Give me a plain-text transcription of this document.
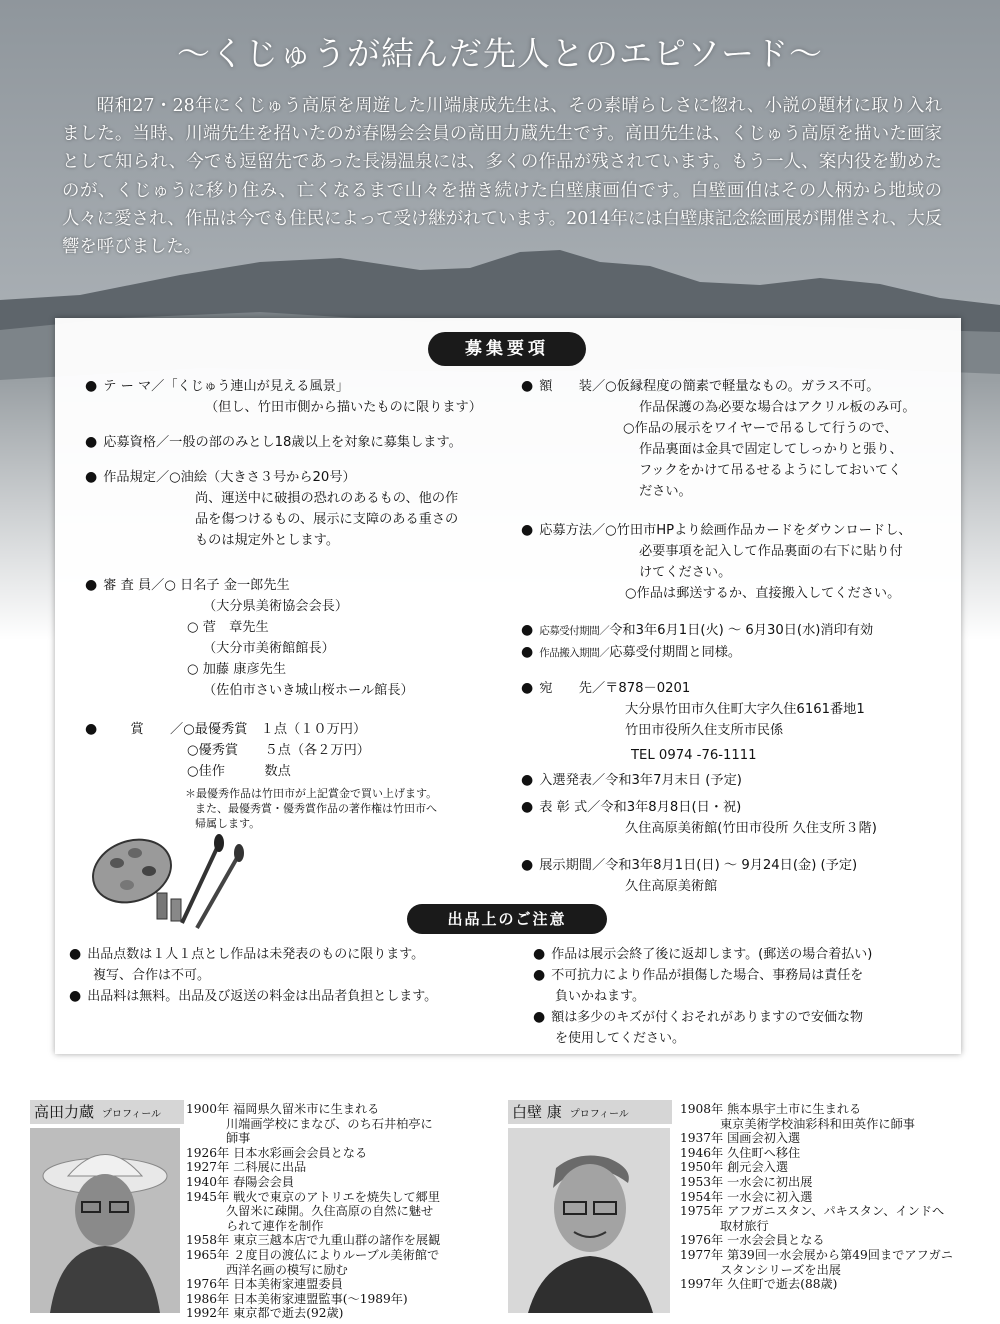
〜くじゅうが結んだ先人とのエピソード〜
昭和27・28年にくじゅう高原を周遊した川端康成先生は、その素晴らしさに惚れ、小説の題材に取り入れました。当時、川端先生を招いたのが春陽会会員の高田力蔵先生です。高田先生は、くじゅう高原を描いた画家として知られ、今でも逗留先であった長湯温泉には、多くの作品が残されています。もう一人、案内役を勤めたのが、くじゅうに移り住み、亡くなるまで山々を描き続けた白壁康画伯です。白壁画伯はその人柄から地域の人々に愛され、作品は今でも住民によって受け継がれています。2014年には白壁康記念絵画展が開催され、大反響を呼びました。
募集要項
● テ ー マ／「くじゅう連山が見える風景」
（但し、竹田市側から描いたものに限ります）
● 応募資格／一般の部のみとし18歳以上を対象に募集します。
● 作品規定／○油絵（大きさ３号から20号）
尚、運送中に破損の恐れのあるもの、他の作
品を傷つけるもの、展示に支障のある重さの
ものは規定外とします。
● 審 査 員／○ 日名子 金一郎先生
（大分県美術協会会長）
○ 菅　章先生
（大分市美術館館長）
○ 加藤 康彦先生
（佐伯市さいき城山桜ホール館長）
●	賞　　／○最優秀賞　１点（１０万円）
○優秀賞　　５点（各２万円）
○佳作　　　数点
＊最優秀作品は竹田市が上記賞金で買い上げます。
また、最優秀賞・優秀賞作品の著作権は竹田市へ
帰属します。
● 額　　装／○仮縁程度の簡素で軽量なもの。ガラス不可。
作品保護の為必要な場合はアクリル板のみ可。
○作品の展示をワイヤーで吊るして行うので、
作品裏面は金具で固定してしっかりと張り、
フックをかけて吊るせるようにしておいてく
ださい。
● 応募方法／○竹田市HPより絵画作品カードをダウンロードし、
必要事項を記入して作品裏面の右下に貼り付
けてください。
○作品は郵送するか、直接搬入してください。
● 応募受付期間／令和3年6月1日(火) 〜 6月30日(水)消印有効
● 作品搬入期間／応募受付期間と同様。
● 宛　　先／〒878－0201
大分県竹田市久住町大字久住6161番地1
竹田市役所久住支所市民係
TEL 0974 -76-1111
● 入選発表／令和3年7月末日 (予定)
● 表 彰 式／令和3年8月8日(日・祝)
久住高原美術館(竹田市役所 久住支所３階)
● 展示期間／令和3年8月1日(日) 〜 9月24日(金) (予定)
久住高原美術館
出品上のご注意
● 出品点数は１人１点とし作品は未発表のものに限ります。
複写、合作は不可。
● 出品料は無料。出品及び返送の料金は出品者負担とします。
● 作品は展示会終了後に返却します。(郵送の場合着払い)
● 不可抗力により作品が損傷した場合、事務局は責任を
負いかねます。
● 額は多少のキズが付くおそれがありますので安価な物
を使用してください。
高田力蔵 プロフィール	1900年 福岡県久留米市に生まれる
川端画学校にまなび、のち石井柏亭に
師事
1926年 日本水彩画会会員となる
1927年 二科展に出品
1940年 春陽会会員
1945年 戦火で東京のアトリエを焼失して郷里
久留米に疎開。久住高原の自然に魅せ
られて連作を制作
1958年 東京三越本店で九重山群の諸作を展観
1965年 ２度目の渡仏によりルーブル美術館で
西洋名画の模写に励む
1976年 日本美術家連盟委員
1986年 日本美術家連盟監事(〜1989年)
1992年 東京都で逝去(92歳)
白壁 康 プロフィール	1908年 熊本県宇土市に生まれる
東京美術学校油彩科和田英作に師事
1937年 国画会初入選
1946年 久住町へ移住
1950年 創元会入選
1953年 一水会に初出展
1954年 一水会に初入選
1975年 アフガニスタン、パキスタン、インドへ
取材旅行
1976年 一水会会員となる
1977年 第39回一水会展から第49回までアフガニ
スタンシリーズを出展
1997年 久住町で逝去(88歳)
